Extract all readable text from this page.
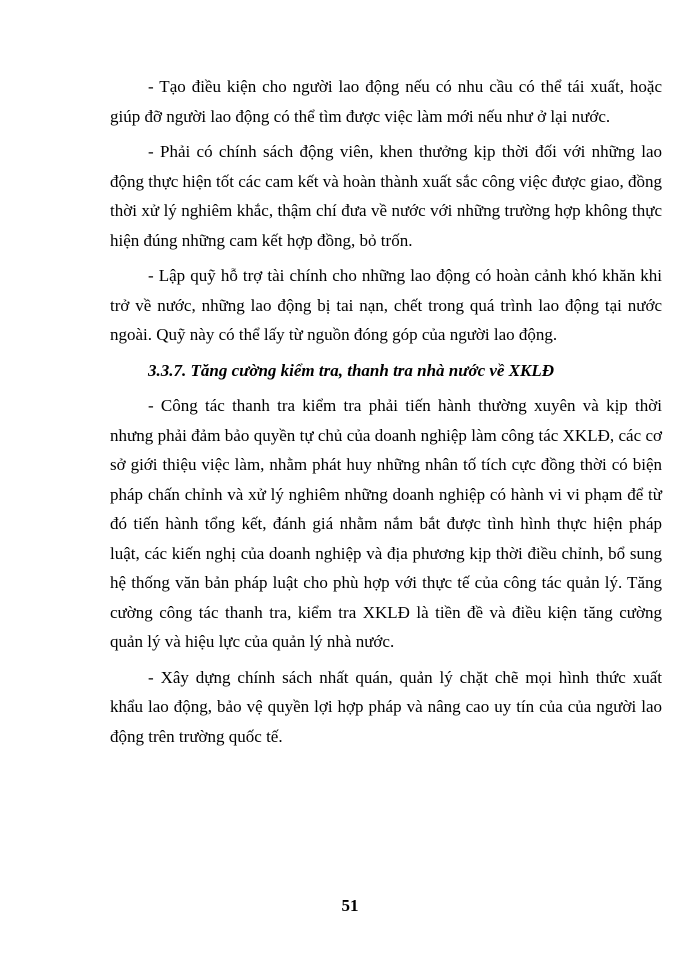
- Tạo điều kiện cho người lao động nếu có nhu cầu có thể tái xuất, hoặc giúp đỡ người lao động có thể tìm được việc làm mới nếu như ở lại nước.

- Phải có chính sách động viên, khen thưởng kịp thời đối với những lao động thực hiện tốt các cam kết và hoàn thành xuất sắc công việc được giao, đồng thời xử lý nghiêm khắc, thậm chí đưa về nước với những trường hợp không thực hiện đúng những cam kết hợp đồng, bỏ trốn.

- Lập quỹ hỗ trợ tài chính cho những lao động có hoàn cảnh khó khăn khi trở về nước, những lao động bị tai nạn, chết trong quá trình lao động tại nước ngoài. Quỹ này có thể lấy từ nguồn đóng góp của người lao động.

3.3.7. Tăng cường kiểm tra, thanh tra nhà nước về XKLĐ

- Công tác thanh tra kiểm tra phải tiến hành thường xuyên và kịp thời nhưng phải đảm bảo quyền tự chủ của doanh nghiệp làm công tác XKLĐ, các cơ sở giới thiệu việc làm, nhằm phát huy những nhân tố tích cực đồng thời có biện pháp chấn chỉnh và xử lý nghiêm những doanh nghiệp có hành vi vi phạm để từ đó tiến hành tổng kết, đánh giá nhằm nắm bắt được tình hình thực hiện pháp luật, các kiến nghị của doanh nghiệp và địa phương kịp thời điều chỉnh, bổ sung hệ thống văn bản pháp luật cho phù hợp với thực tế của công tác quản lý. Tăng cường công tác thanh tra, kiểm tra XKLĐ là tiền đề và điều kiện tăng cường quản lý và hiệu lực của quản lý nhà nước.

- Xây dựng chính sách nhất quán, quản lý chặt chẽ mọi hình thức xuất khẩu lao động, bảo vệ quyền lợi hợp pháp và nâng cao uy tín của của người lao động trên trường quốc tế.

51
